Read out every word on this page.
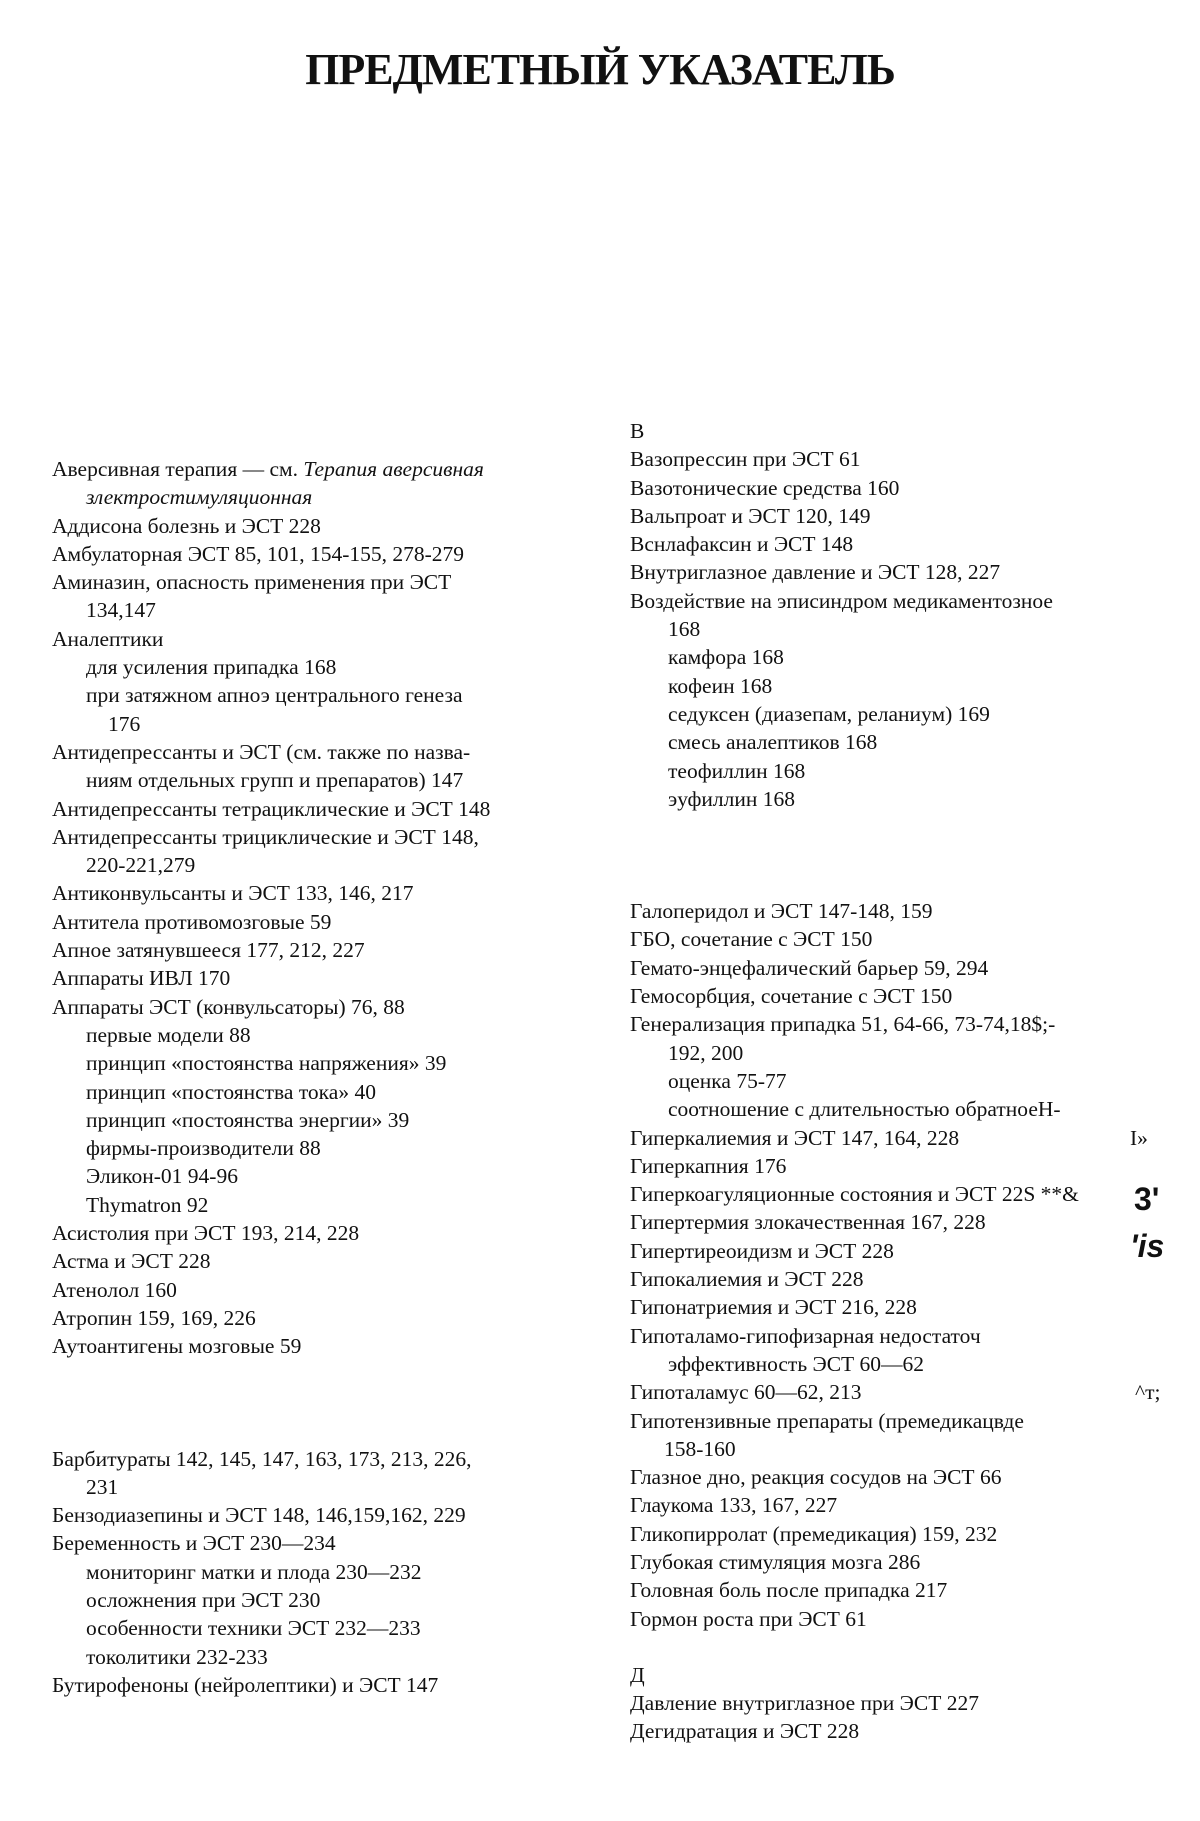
ПРЕДМЕТНЫЙ УКАЗАТЕЛЬ
Аверсивная терапия — см. Терапия аверсивная
злектростимуляционная
Аддисона болезнь и ЭСТ 228
Амбулаторная ЭСТ 85, 101, 154-155, 278-279
Аминазин, опасность применения при ЭСТ
134,147
Аналептики
для усиления припадка 168
при затяжном апноэ центрального генеза
176
Антидепрессанты и ЭСТ (см. также по назва-
ниям отдельных групп и препаратов) 147
Антидепрессанты тетрациклические и ЭСТ 148
Антидепрессанты трициклические и ЭСТ 148,
220-221,279
Антиконвульсанты и ЭСТ 133, 146, 217
Антитела противомозговые 59
Апное затянувшееся 177, 212, 227
Аппараты ИВЛ 170
Аппараты ЭСТ (конвульсаторы) 76, 88
первые модели 88
принцип «постоянства напряжения» 39
принцип «постоянства тока» 40
принцип «постоянства энергии» 39
фирмы-производители 88
Эликон-01 94-96
Thymatron 92
Асистолия при ЭСТ 193, 214, 228
Астма и ЭСТ 228
Атенолол 160
Атропин 159, 169, 226
Аутоантигены мозговые 59
Барбитураты 142, 145, 147, 163, 173, 213, 226,
231
Бензодиазепины и ЭСТ 148, 146,159,162, 229
Беременность и ЭСТ 230—234
мониторинг матки и плода 230—232
осложнения при ЭСТ 230
особенности техники ЭСТ 232—233
токолитики 232-233
Бутирофеноны (нейролептики) и ЭСТ 147
В
Вазопрессин при ЭСТ 61
Вазотонические средства 160
Вальпроат и ЭСТ 120, 149
Вснлафаксин и ЭСТ 148
Внутриглазное давление и ЭСТ 128, 227
Воздействие на эписиндром медикаментозное
168
камфора 168
кофеин 168
седуксен (диазепам, реланиум) 169
смесь аналептиков 168
теофиллин 168
эуфиллин 168
Галоперидол и ЭСТ 147-148, 159
ГБО, сочетание с ЭСТ 150
Гемато-энцефалический барьер 59, 294
Гемосорбция, сочетание с ЭСТ 150
Генерализация припадка 51, 64-66, 73-74,18$;-
192, 200
оценка 75-77
соотношение с длительностью обратноеН-
Гиперкалиемия и ЭСТ 147, 164, 228	I»
Гиперкапния 176
Гиперкоагуляционные состояния и ЭСТ 22S **&
Гипертермия злокачественная 167, 228
Гипертиреоидизм и ЭСТ 228
Гипокалиемия и ЭСТ 228
Гипонатриемия и ЭСТ 216, 228
Гипоталамо-гипофизарная недостаточ
эффективность ЭСТ 60—62
Гипоталамус 60—62, 213	^т;
Гипотензивные препараты (премедикацвде
158-160
Глазное дно, реакция сосудов на ЭСТ 66
Глаукома 133, 167, 227
Гликопирролат (премедикация) 159, 232
Глубокая стимуляция мозга 286
Головная боль после припадка 217
Гормон роста при ЭСТ 61
Д
Давление внутриглазное при ЭСТ 227
Дегидратация и ЭСТ 228
3'
'is
